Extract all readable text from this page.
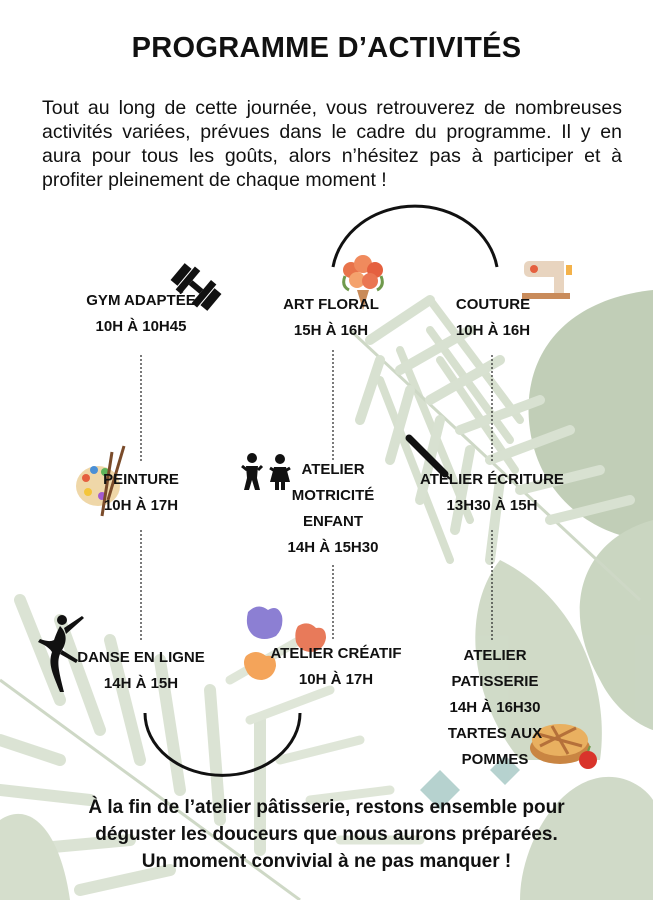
PROGRAMME D’ACTIVITÉS

Tout au long de cette journée, vous retrouverez de nombreuses activités variées, prévues dans le cadre du programme. Il y en aura pour tous les goûts, alors n’hésitez pas à participer et à profiter pleinement de chaque moment !

GYM ADAPTÉE
10H À 10H45
ART FLORAL
15H À 16H
COUTURE
10H À 16H
PEINTURE
10H À 17H
ATELIER
MOTRICITÉ
ENFANT
14H À 15H30
ATELIER ÉCRITURE
13H30 À 15H
DANSE EN LIGNE
14H À 15H
ATELIER CRÉATIF
10H À 17H
ATELIER
PATISSERIE
14H À 16H30
TARTES AUX
POMMES
À la fin de l’atelier pâtisserie, restons ensemble pour
déguster les douceurs que nous aurons préparées.
Un moment convivial à ne pas manquer !
